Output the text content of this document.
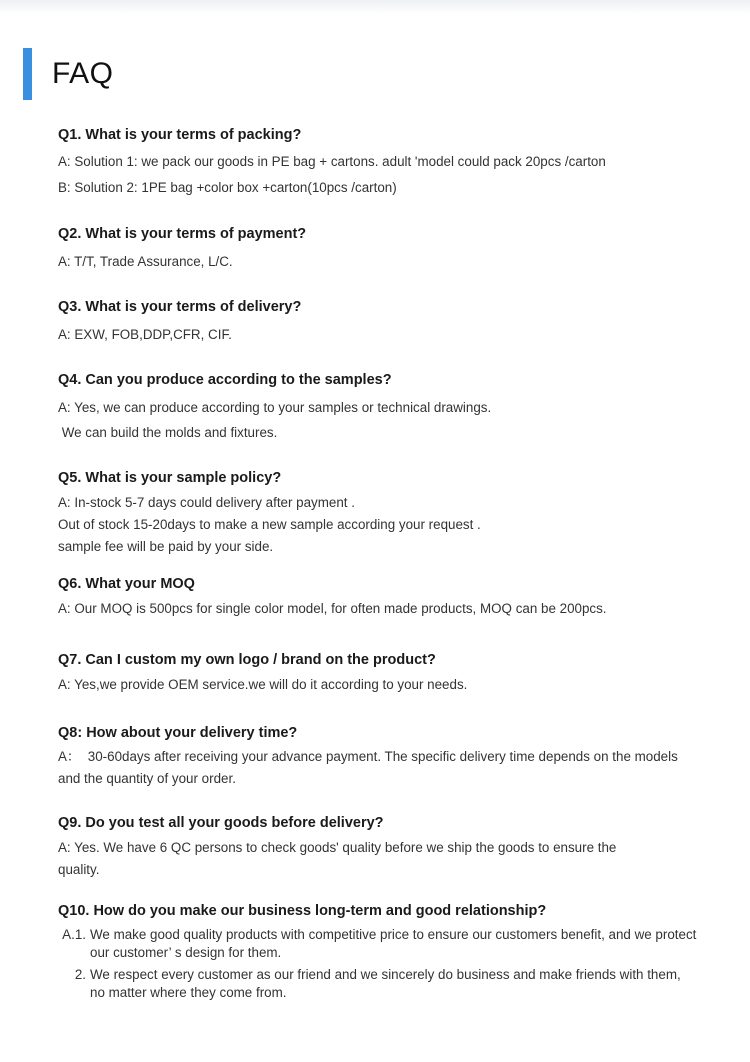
FAQ
Q1. What is your terms of packing?
A: Solution 1: we pack our goods in PE bag + cartons. adult 'model could pack 20pcs /carton
B: Solution 2: 1PE bag +color box +carton(10pcs /carton)
Q2. What is your terms of payment?
A: T/T, Trade Assurance, L/C.
Q3. What is your terms of delivery?
A: EXW, FOB,DDP,CFR, CIF.
Q4. Can you produce according to the samples?
A: Yes, we can produce according to your samples or technical drawings.
We can build the molds and fixtures.
Q5. What is your sample policy?
A: In-stock 5-7 days could delivery after payment .
Out of stock 15-20days to make a new sample according your request .
sample fee will be paid by your side.
Q6. What your MOQ
A: Our MOQ is 500pcs for single color model, for often made products, MOQ can be 200pcs.
Q7. Can I custom my own logo / brand on the product?
A: Yes,we provide OEM service.we will do it according to your needs.
Q8: How about your delivery time?
A：  30-60days after receiving your advance payment. The specific delivery time depends on the models and the quantity of your order.
Q9. Do you test all your goods before delivery?
A: Yes. We have 6 QC persons to check goods' quality before we ship the goods to ensure the quality.
Q10. How do you make our business long-term and good relationship?
A.1. We make good quality products with competitive price to ensure our customers benefit, and we protect our customer’ s design for them.
2. We respect every customer as our friend and we sincerely do business and make friends with them, no matter where they come from.
